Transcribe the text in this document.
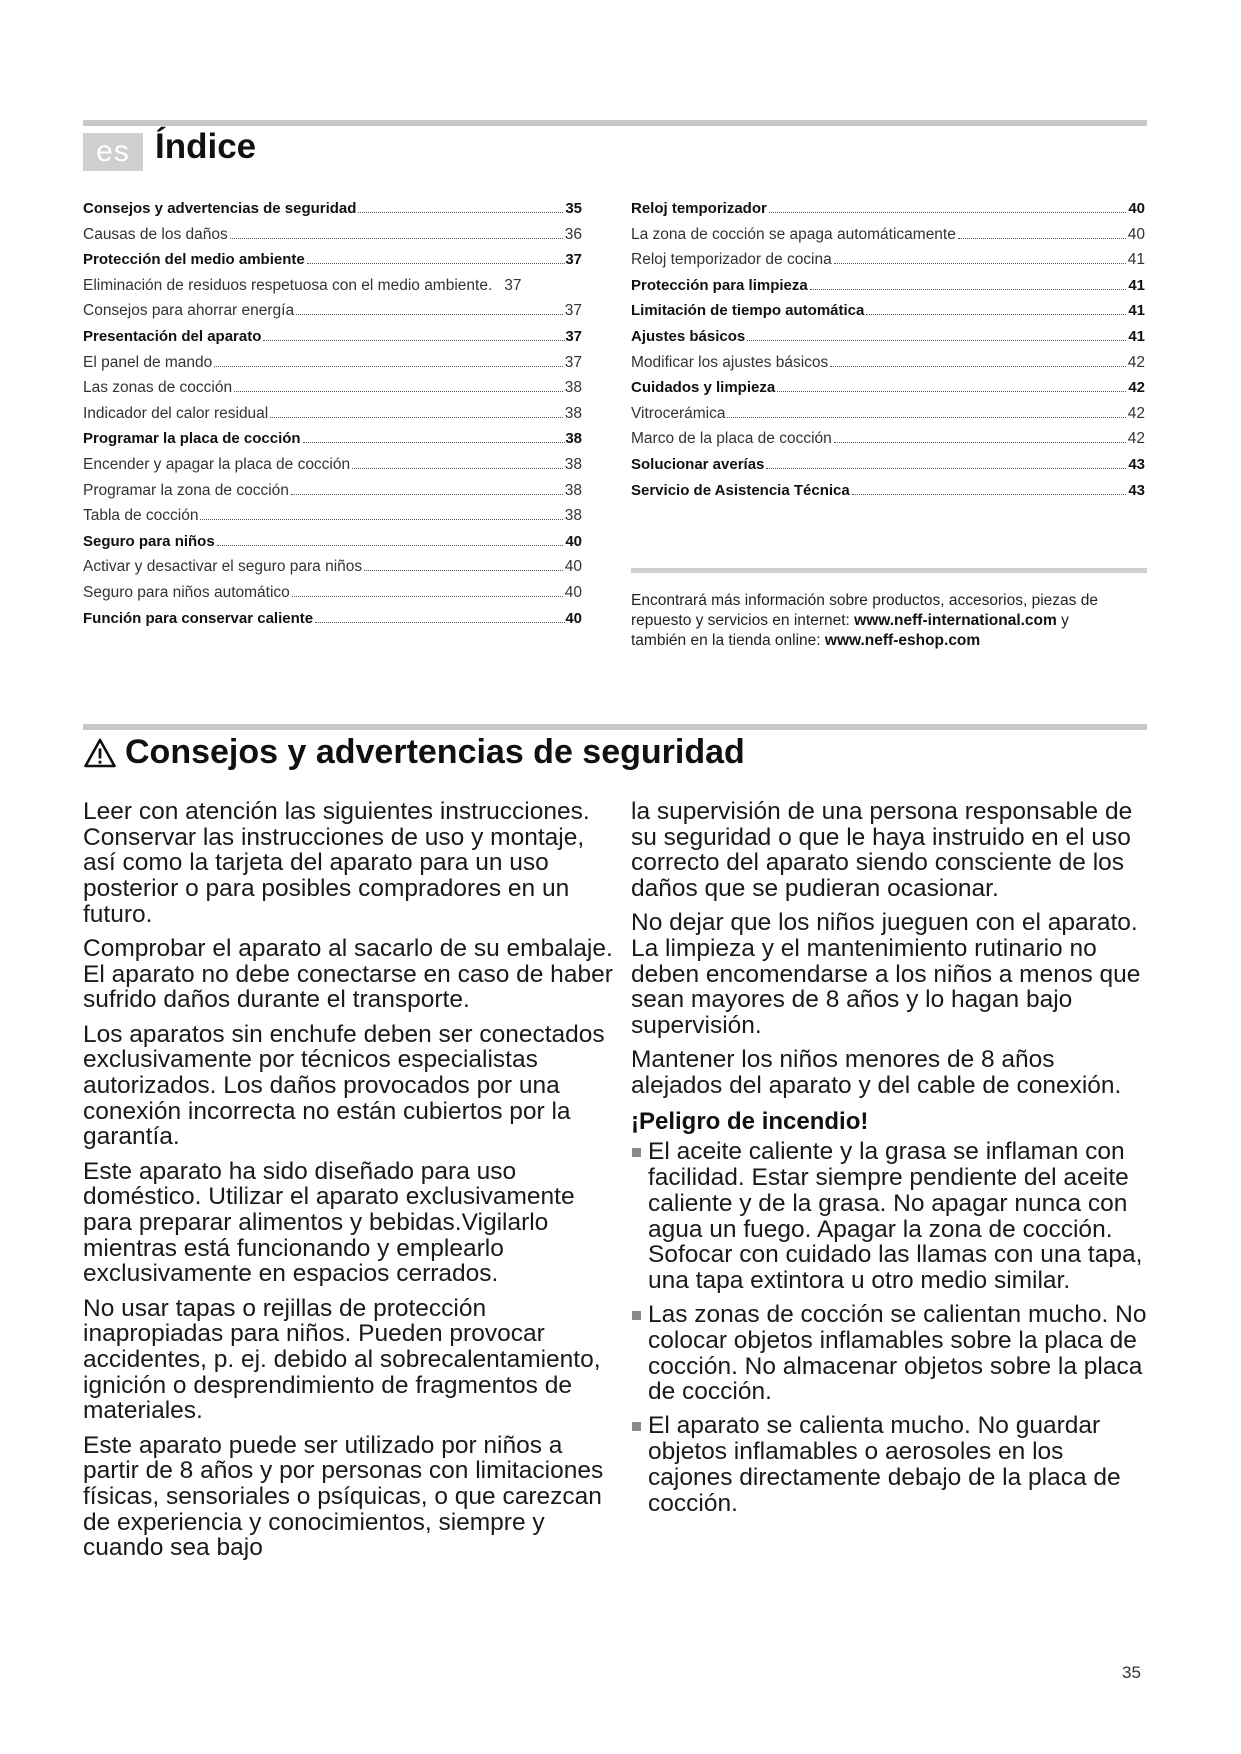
es Índice
Consejos y advertencias de seguridad	35
Causas de los daños	36
Protección del medio ambiente	37
Eliminación de residuos respetuosa con el medio ambiente. 37
Consejos para ahorrar energía	37
Presentación del aparato	37
El panel de mando	37
Las zonas de cocción	38
Indicador del calor residual	38
Programar la placa de cocción	38
Encender y apagar la placa de cocción	38
Programar la zona de cocción	38
Tabla de cocción	38
Seguro para niños	40
Activar y desactivar el seguro para niños	40
Seguro para niños automático	40
Función para conservar caliente	40
Reloj temporizador	40
La zona de cocción se apaga automáticamente	40
Reloj temporizador de cocina	41
Protección para limpieza	41
Limitación de tiempo automática	41
Ajustes básicos	41
Modificar los ajustes básicos	42
Cuidados y limpieza	42
Vitrocerámica	42
Marco de la placa de cocción	42
Solucionar averías	43
Servicio de Asistencia Técnica	43
Encontrará más información sobre productos, accesorios, piezas de repuesto y servicios en internet: www.neff-international.com y también en la tienda online: www.neff-eshop.com
Consejos y advertencias de seguridad

Leer con atención las siguientes instrucciones. Conservar las instrucciones de uso y montaje, así como la tarjeta del aparato para un uso posterior o para posibles compradores en un futuro.

Comprobar el aparato al sacarlo de su embalaje. El aparato no debe conectarse en caso de haber sufrido daños durante el transporte.

Los aparatos sin enchufe deben ser conectados exclusivamente por técnicos especialistas autorizados. Los daños provocados por una conexión incorrecta no están cubiertos por la garantía.

Este aparato ha sido diseñado para uso doméstico. Utilizar el aparato exclusivamente para preparar alimentos y bebidas.Vigilarlo mientras está funcionando y emplearlo exclusivamente en espacios cerrados.

No usar tapas o rejillas de protección inapropiadas para niños. Pueden provocar accidentes, p. ej. debido al sobrecalentamiento, ignición o desprendimiento de fragmentos de materiales.

Este aparato puede ser utilizado por niños a partir de 8 años y por personas con limitaciones físicas, sensoriales o psíquicas, o que carezcan de experiencia y conocimientos, siempre y cuando sea bajo

la supervisión de una persona responsable de su seguridad o que le haya instruido en el uso correcto del aparato siendo consciente de los daños que se pudieran ocasionar.

No dejar que los niños jueguen con el aparato. La limpieza y el mantenimiento rutinario no deben encomendarse a los niños a menos que sean mayores de 8 años y lo hagan bajo supervisión.

Mantener los niños menores de 8 años alejados del aparato y del cable de conexión.

¡Peligro de incendio!
El aceite caliente y la grasa se inflaman con facilidad. Estar siempre pendiente del aceite caliente y de la grasa. No apagar nunca con agua un fuego. Apagar la zona de cocción. Sofocar con cuidado las llamas con una tapa, una tapa extintora u otro medio similar.
Las zonas de cocción se calientan mucho. No colocar objetos inflamables sobre la placa de cocción. No almacenar objetos sobre la placa de cocción.
El aparato se calienta mucho. No guardar objetos inflamables o aerosoles en los cajones directamente debajo de la placa de cocción.
35
